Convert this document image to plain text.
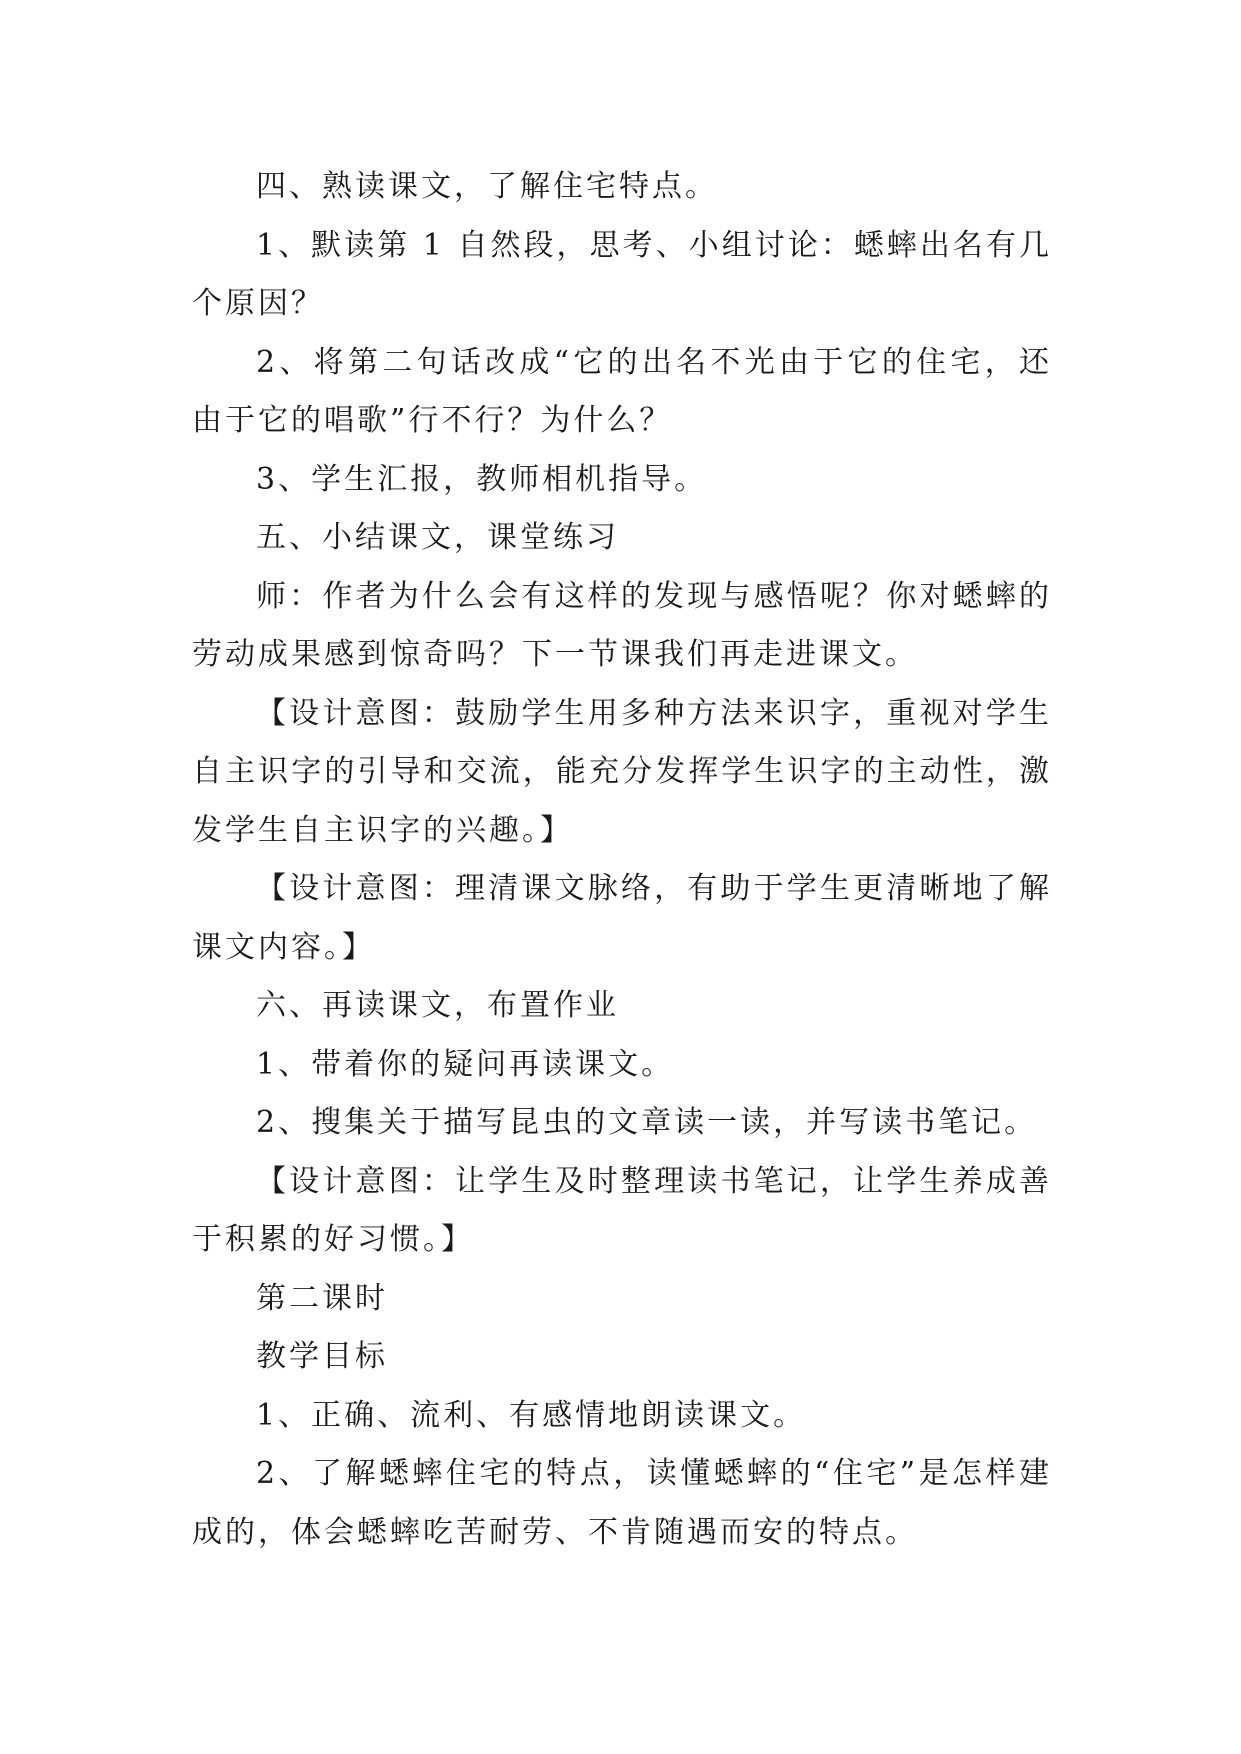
四、熟读课文，了解住宅特点。

1、默读第 1 自然段，思考、小组讨论：蟋蟀出名有几个原因？

2、将第二句话改成“它的出名不光由于它的住宅，还由于它的唱歌”行不行？为什么？

3、学生汇报，教师相机指导。

五、小结课文，课堂练习

师：作者为什么会有这样的发现与感悟呢？你对蟋蟀的劳动成果感到惊奇吗？下一节课我们再走进课文。

【设计意图：鼓励学生用多种方法来识字，重视对学生自主识字的引导和交流，能充分发挥学生识字的主动性，激发学生自主识字的兴趣。】

【设计意图：理清课文脉络，有助于学生更清晰地了解课文内容。】

六、再读课文，布置作业

1、带着你的疑问再读课文。

2、搜集关于描写昆虫的文章读一读，并写读书笔记。

【设计意图：让学生及时整理读书笔记，让学生养成善于积累的好习惯。】

第二课时

教学目标

1、正确、流利、有感情地朗读课文。

2、了解蟋蟀住宅的特点，读懂蟋蟀的“住宅”是怎样建成的，体会蟋蟀吃苦耐劳、不肯随遇而安的特点。
